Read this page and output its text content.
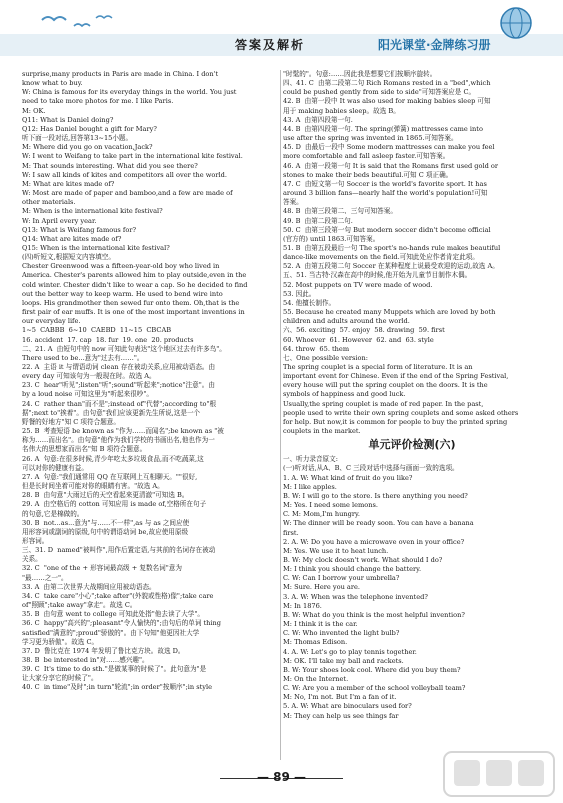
答案及解析	阳光课堂·金牌练习册
surprise,many products in Paris are made in China. I don't
know what to buy.
W: China is famous for its everyday things in the world. You just
need to take more photos for me. I like Paris.
M: OK.
Q11: What is Daniel doing?
Q12: Has Daniel bought a gift for Mary?
听下面一段对话,回答第13~15小题。
M: Where did you go on vacation,Jack?
W: I went to Weifang to take part in the international kite festival.
M: That sounds interesting. What did you see there?
W: I saw all kinds of kites and competitors all over the world.
M: What are kites made of?
W: Most are made of paper and bamboo,and a few are made of
other materials.
M: When is the international kite festival?
W: In April every year.
Q13: What is Weifang famous for?
Q14: What are kites made of?
Q15: When is the international kite festival?
(四)听短文,根据短文内容填空。
Chester Greenwood was a fifteen-year-old boy who lived in
America. Chester's parents allowed him to play outside,even in the
cold winter. Chester didn't like to wear a cap. So he decided to find
out the better way to keep warm. He used to bend wire into
loops. His grandmother then sewed fur onto them. Oh,that is the
first pair of ear muffs. It is one of the most important inventions in
our everyday life.
1~5  CABBB  6~10  CAEBD  11~15  CBCAB
16. accident  17. cap  18. fur  19. one  20. products
二、21. A  由短句中的 now 可知此句表达"这个地区过去有许多鸟"。
There used to be...意为"过去有……"。
22. A  主语 it 与谓语动词 clean 存在被动关系,应用被动语态。由
every day 可知该句为一般现在时。故选 A。
23. C  hear"听见";listen"听";sound"听起来";notice"注意"。由
by a loud noise 可知这里为"听起来很吵"。
24. C  rather than"而不是";instead of"代替";according to"根
据";next to"挨着"。由句意"我们应该更新先生所说,这是一个
野餐的好地方"知 C 项符合题意。
25. B  考查短语 be known as "作为……而闻名";be known as "被
称为……而出名"。由句意"他作为我们学校的书画出名,他也作为一
名伟大的思想家而出名"知 B 项符合题意。
26. A  句意:在很多时候,青少年吃太多垃圾食品,而不吃蔬菜,这
可以对你的健康有益。
27. A  句意:"我们通常用 QQ 在互联网上互相聊天。""很好,
但是长时间坐着可能对你的眼睛有害。"故选 A。
28. B  由句意"大雨过后的天空看起来更清澈"可知选 B。
29. A  由空格后的 cotton 可知应用 is made of,空格所在句子
的句意,它是棉做的。
30. B  not...as...意为"与……不一样",as 与 as 之间应使
用形容词或副词的原级,句中的谓语动词 be,故应使用原级
形容词。
三、31. D  named"被叫作",用作后置定语,与其前的名词存在被动
关系。
32. C  "one of the + 形容词最高级 + 复数名词"意为
"最……之一"。
33. A  由第二次世界大战期间应用被动语态。
34. C  take care"小心";take after"(外貌或性格)像";take care
of"照顾";take away"拿走"。故选 C。
35. B  由句意 went to college 可知此处指"他去读了大学"。
36. C  happy"高兴的";pleasant"令人愉快的";由句后的单词 thing
satisfied"满意的";proud"骄傲的"。由下句知"他更因社大学
学习更为骄傲"。故选 C。
37. D  鲁比克在 1974 年发明了鲁比克方块。故选 D。
38. B  be interested in"对……感兴趣"。
39. C  It's time to do sth."是做某事的时候了"。此句意为"是
让大家分享它的时候了"。
40. C  in time"及时";in turn"轮流";in order"按顺序";in style
"时髦的"。句意:……因此我是想要它们按顺序旋转。
四、41. C  由第二段第二句 Rich Romans rested in a "bed",which
could be pushed gently from side to side"可知答案应是 C。
42. B  由第一段中 It was also used for making babies sleep 可知
用于 making babies sleep。故选 B。
43. A  由第四段第一句.
44. B  由第四段第一句. The spring(弹簧) mattresses came into
use after the spring was invented in 1865.可知答案。
45. D  由最后一段中 Some modern mattresses can make you feel
more comfortable and fall asleep faster.可知答案。
46. A  由第一段第一句 It is said that the Romans first used gold or
stones to make their beds beautiful.可知 C 项正确。
47. C  由短文第一句 Soccer is the world's favorite sport. It has
around 3 billion fans—nearly half the world's population!可知
答案。
48. B  由第三段第二、三句可知答案。
49. B  由第二段第二句.
50. C  由第三段第一句 But modern soccer didn't become official
(官方的) until 1863.可知答案。
51. B  由第五段最后一句 The sport's no-hands rule makes beautiful
dance-like movements on the field.可知此处应作者肯定此项。
52. A  由第五段第二句 Soccer 在某种程度上说最受欢迎的运动,故选 A。
五、51. 当古特·汉森在高中的时候,他开始为儿童节目制作木偶。
52. Most puppets on TV were made of wood.
53. 因此。
54. 他擅长制作。
55. Because he created many Muppets which are loved by both
children and adults around the world.
六、56. exciting  57. enjoy  58. drawing  59. first
60. Whoever  61. However  62. and  63. style
64. throw  65. them
七、One possible version:
The spring couplet is a special form of literature. It is an
important event for Chinese. Even if the end of the Spring Festival,
every house will put the spring couplet on the doors. It is the
symbols of happiness and good luck.
Usually,the spring couplet is made of red paper. In the past,
people used to write their own spring couplets and some asked others
for help. But now,it is common for people to buy the printed spring
couplets in the market.
单元评价检测(六)
一、听力录音原文:
(一)听对话,从A、B、C 三段对话中选择与画面一致的选项。
1. A. W: What kind of fruit do you like?
M: I like apples.
B. W: I will go to the store. Is there anything you need?
M: Yes. I need some lemons.
C. M: Mom,I'm hungry.
W: The dinner will be ready soon. You can have a banana
first.
2. A. W: Do you have a microwave oven in your office?
M: Yes. We use it to heat lunch.
B. W: My clock doesn't work. What should I do?
M: I think you should change the battery.
C. W: Can I borrow your umbrella?
M: Sure. Here you are.
3. A. W: When was the telephone invented?
M: In 1876.
B. W: What do you think is the most helpful invention?
M: I think it is the car.
C. W: Who invented the light bulb?
M: Thomas Edison.
4. A. W: Let's go to play tennis together.
M: OK. I'll take my ball and rackets.
B. W: Your shoes look cool. Where did you buy them?
M: On the Internet.
C. W: Are you a member of the school volleyball team?
M: No, I'm not. But I'm a fan of it.
5. A. W: What are binoculars used for?
M: They can help us see things far
— 89 —
